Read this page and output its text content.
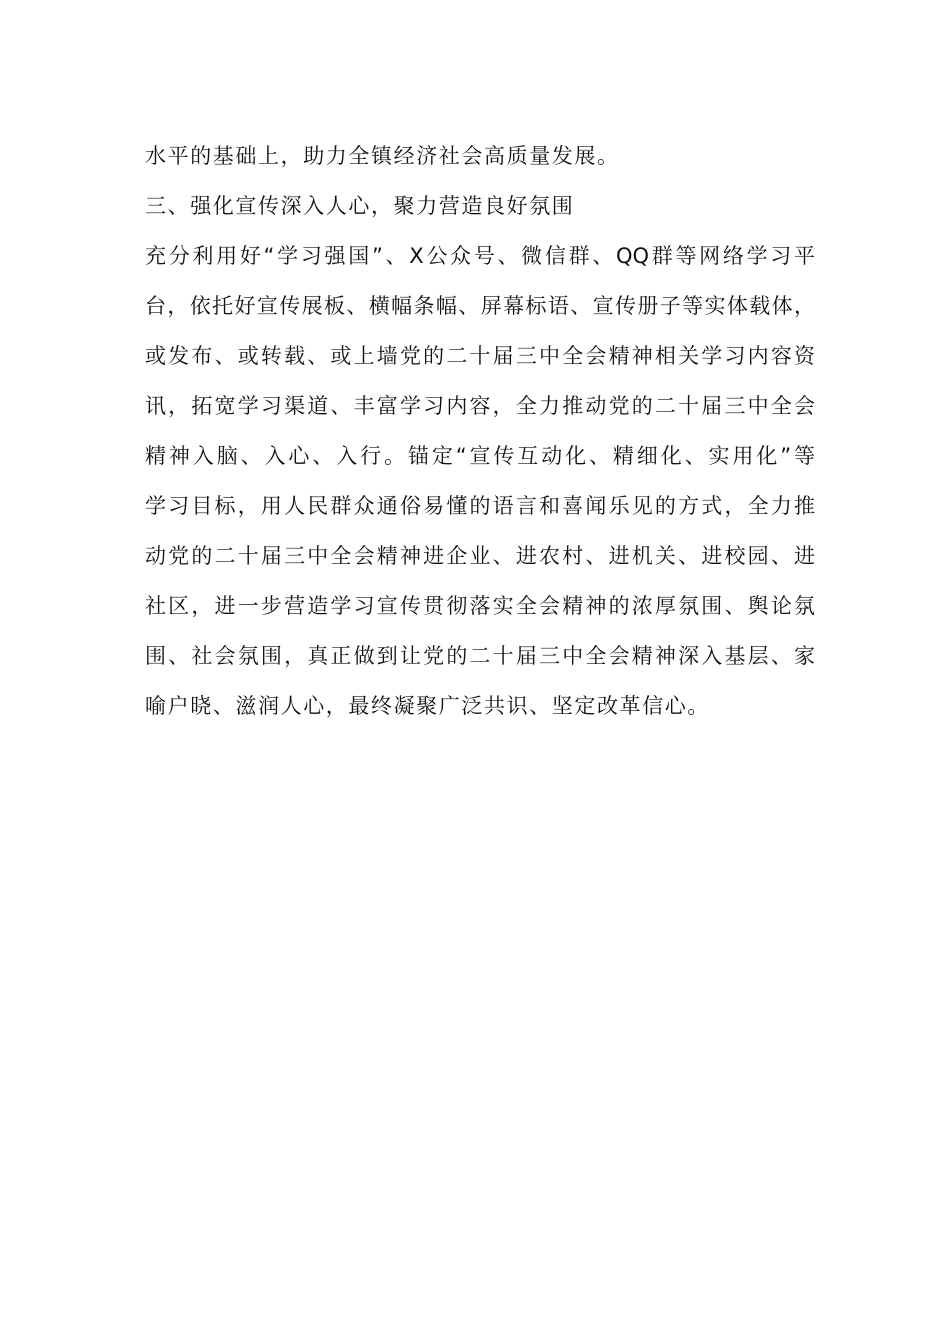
水平的基础上，助力全镇经济社会高质量发展。
三、强化宣传深入人心，聚力营造良好氛围
充分利用好“学习强国”、X公众号、微信群、QQ群等网络学习平
台，依托好宣传展板、横幅条幅、屏幕标语、宣传册子等实体载体，
或发布、或转载、或上墙党的二十届三中全会精神相关学习内容资
讯，拓宽学习渠道、丰富学习内容，全力推动党的二十届三中全会
精神入脑、入心、入行。锚定“宣传互动化、精细化、实用化”等
学习目标，用人民群众通俗易懂的语言和喜闻乐见的方式，全力推
动党的二十届三中全会精神进企业、进农村、进机关、进校园、进
社区，进一步营造学习宣传贯彻落实全会精神的浓厚氛围、舆论氛
围、社会氛围，真正做到让党的二十届三中全会精神深入基层、家
喻户晓、滋润人心，最终凝聚广泛共识、坚定改革信心。
